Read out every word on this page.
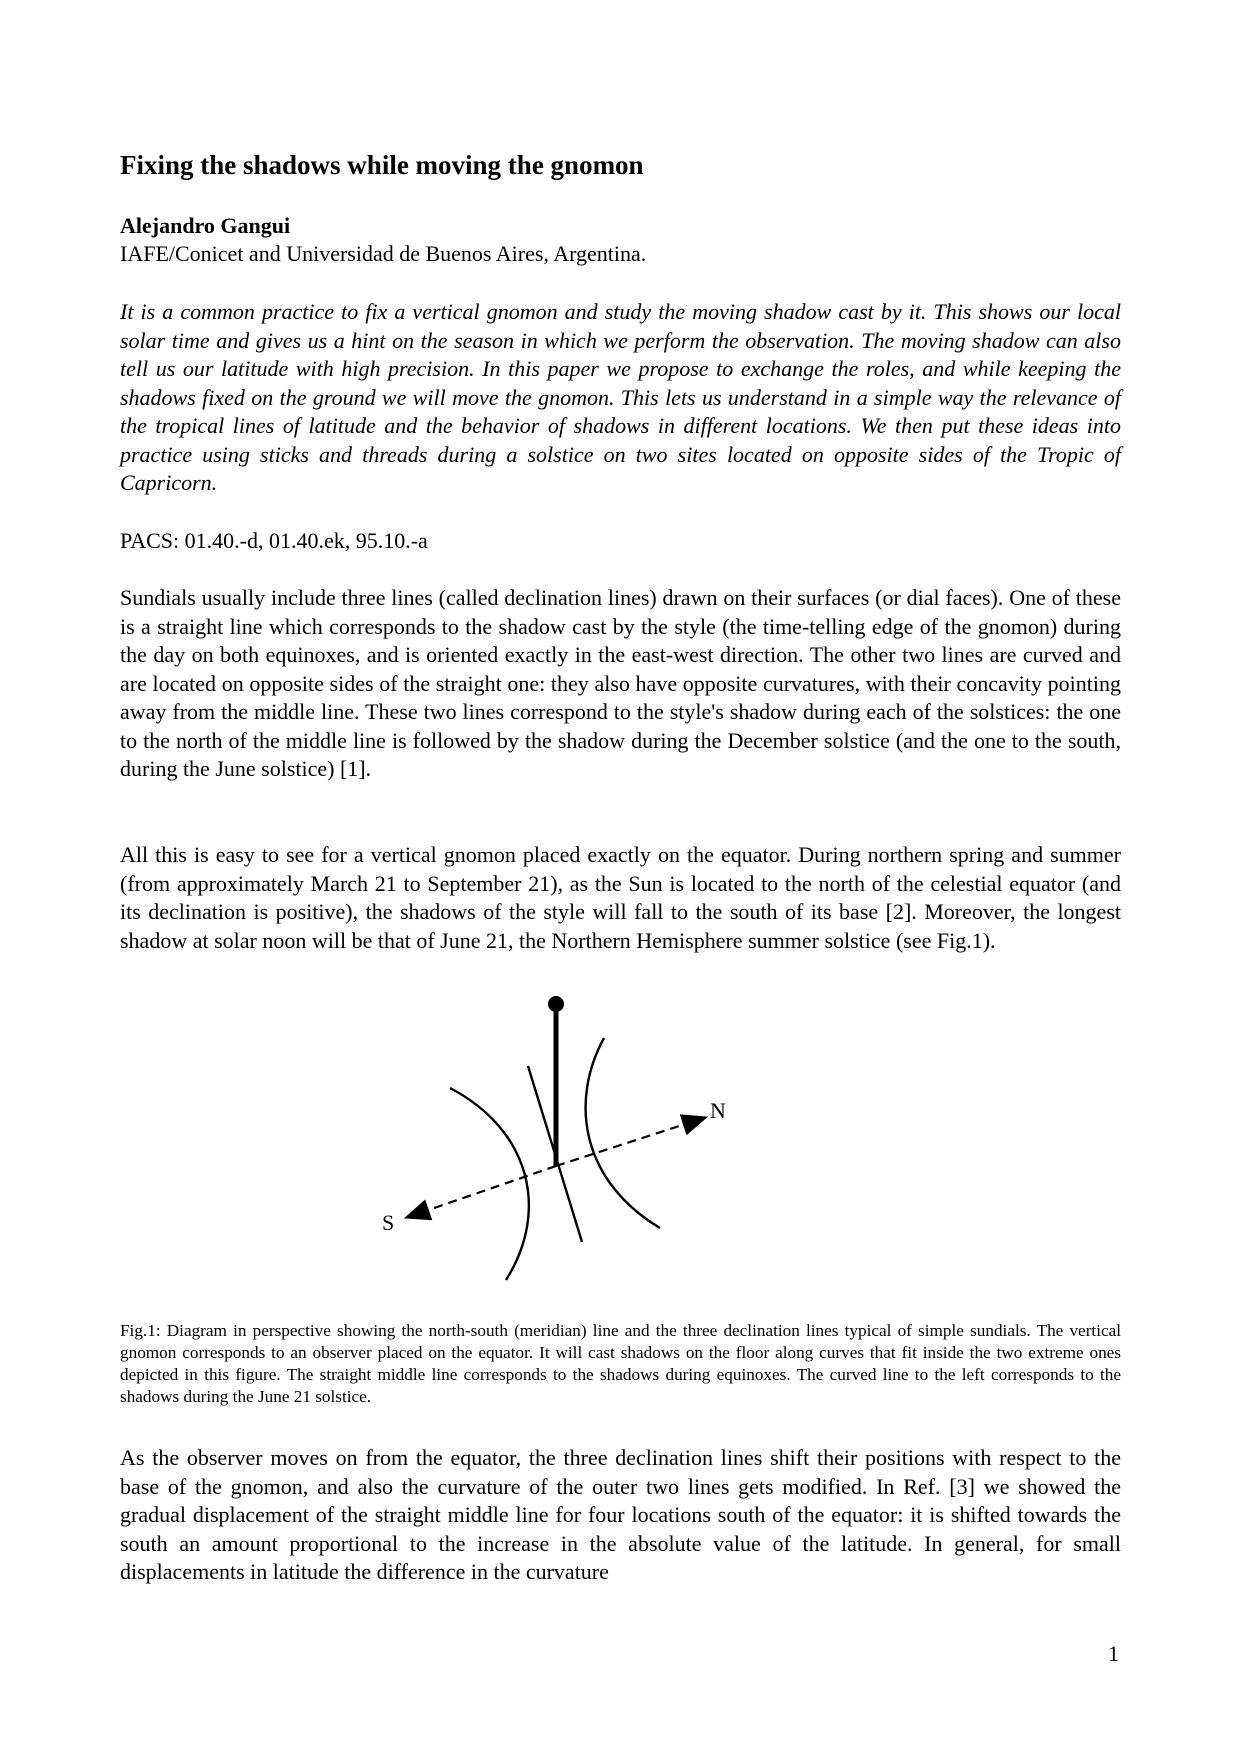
Fixing the shadows while moving the gnomon
Alejandro Gangui
IAFE/Conicet and Universidad de Buenos Aires, Argentina.
It is a common practice to fix a vertical gnomon and study the moving shadow cast by it. This shows our local solar time and gives us a hint on the season in which we perform the observation. The moving shadow can also tell us our latitude with high precision. In this paper we propose to exchange the roles, and while keeping the shadows fixed on the ground we will move the gnomon. This lets us understand in a simple way the relevance of the tropical lines of latitude and the behavior of shadows in different locations. We then put these ideas into practice using sticks and threads during a solstice on two sites located on opposite sides of the Tropic of Capricorn.
PACS: 01.40.-d, 01.40.ek, 95.10.-a
Sundials usually include three lines (called declination lines) drawn on their surfaces (or dial faces). One of these is a straight line which corresponds to the shadow cast by the style (the time-telling edge of the gnomon) during the day on both equinoxes, and is oriented exactly in the east-west direction. The other two lines are curved and are located on opposite sides of the straight one: they also have opposite curvatures, with their concavity pointing away from the middle line. These two lines correspond to the style's shadow during each of the solstices: the one to the north of the middle line is followed by the shadow during the December solstice (and the one to the south, during the June solstice) [1].
All this is easy to see for a vertical gnomon placed exactly on the equator. During northern spring and summer (from approximately March 21 to September 21), as the Sun is located to the north of the celestial equator (and its declination is positive), the shadows of the style will fall to the south of its base [2]. Moreover, the longest shadow at solar noon will be that of June 21, the Northern Hemisphere summer solstice (see Fig.1).
N
S
Fig.1: Diagram in perspective showing the north-south (meridian) line and the three declination lines typical of simple sundials. The vertical gnomon corresponds to an observer placed on the equator. It will cast shadows on the floor along curves that fit inside the two extreme ones depicted in this figure. The straight middle line corresponds to the shadows during equinoxes. The curved line to the left corresponds to the shadows during the June 21 solstice.
As the observer moves on from the equator, the three declination lines shift their positions with respect to the base of the gnomon, and also the curvature of the outer two lines gets modified. In Ref. [3] we showed the gradual displacement of the straight middle line for four locations south of the equator: it is shifted towards the south an amount proportional to the increase in the absolute value of the latitude. In general, for small displacements in latitude the difference in the curvature
1
